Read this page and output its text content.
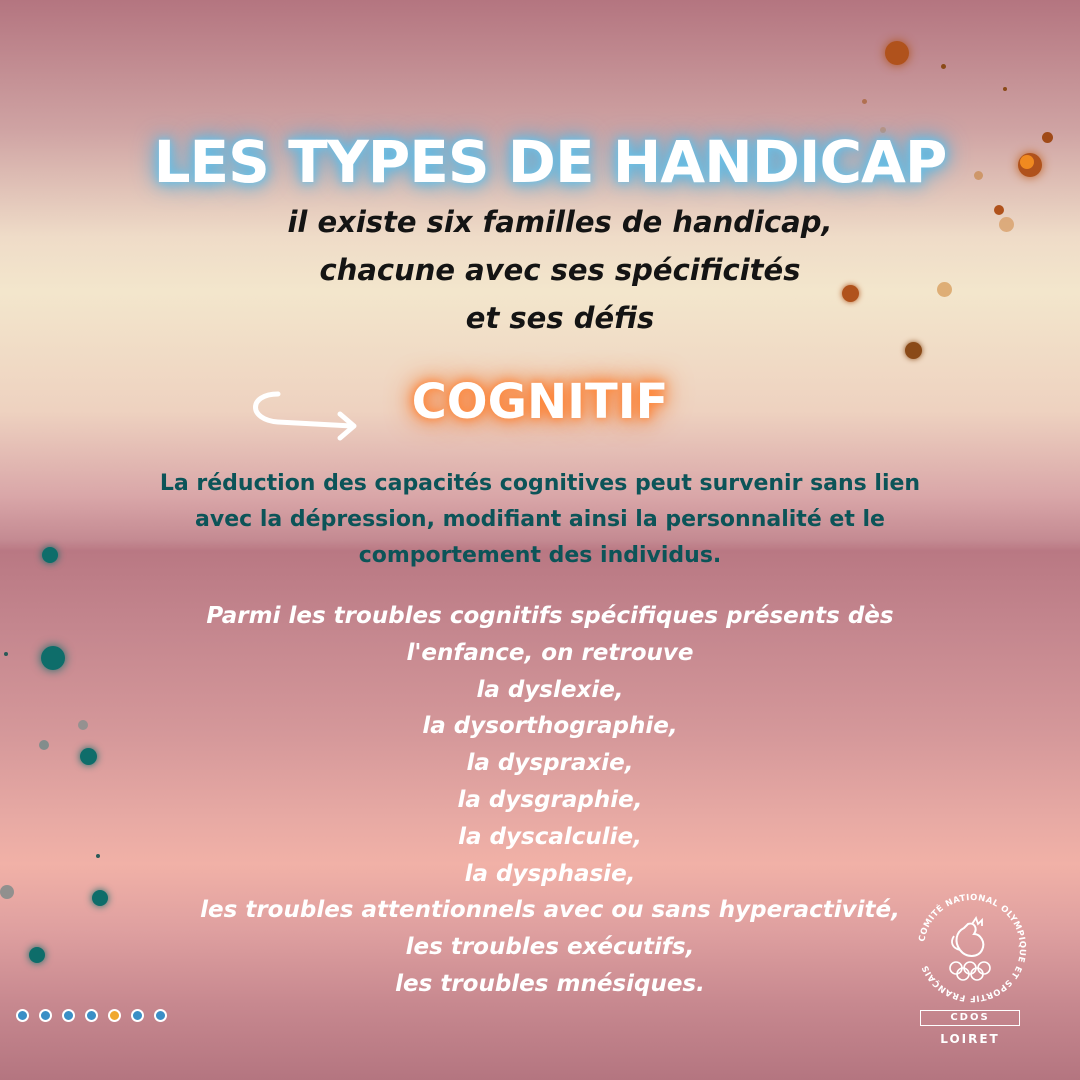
LES TYPES DE HANDICAP
il existe six familles de handicap,
chacune avec ses spécificités
et ses défis
COGNITIF
La réduction des capacités cognitives peut survenir sans lien
avec la dépression, modifiant ainsi la personnalité et le
comportement des individus.
Parmi les troubles cognitifs spécifiques présents dès
l'enfance, on retrouve
la dyslexie,
la dysorthographie,
la dyspraxie,
la dysgraphie,
la dyscalculie,
la dysphasie,
les troubles attentionnels avec ou sans hyperactivité,
les troubles exécutifs,
les troubles mnésiques.
COMITÉ NATIONAL OLYMPIQUE ET SPORTIF FRANÇAIS
CDOS
LOIRET
